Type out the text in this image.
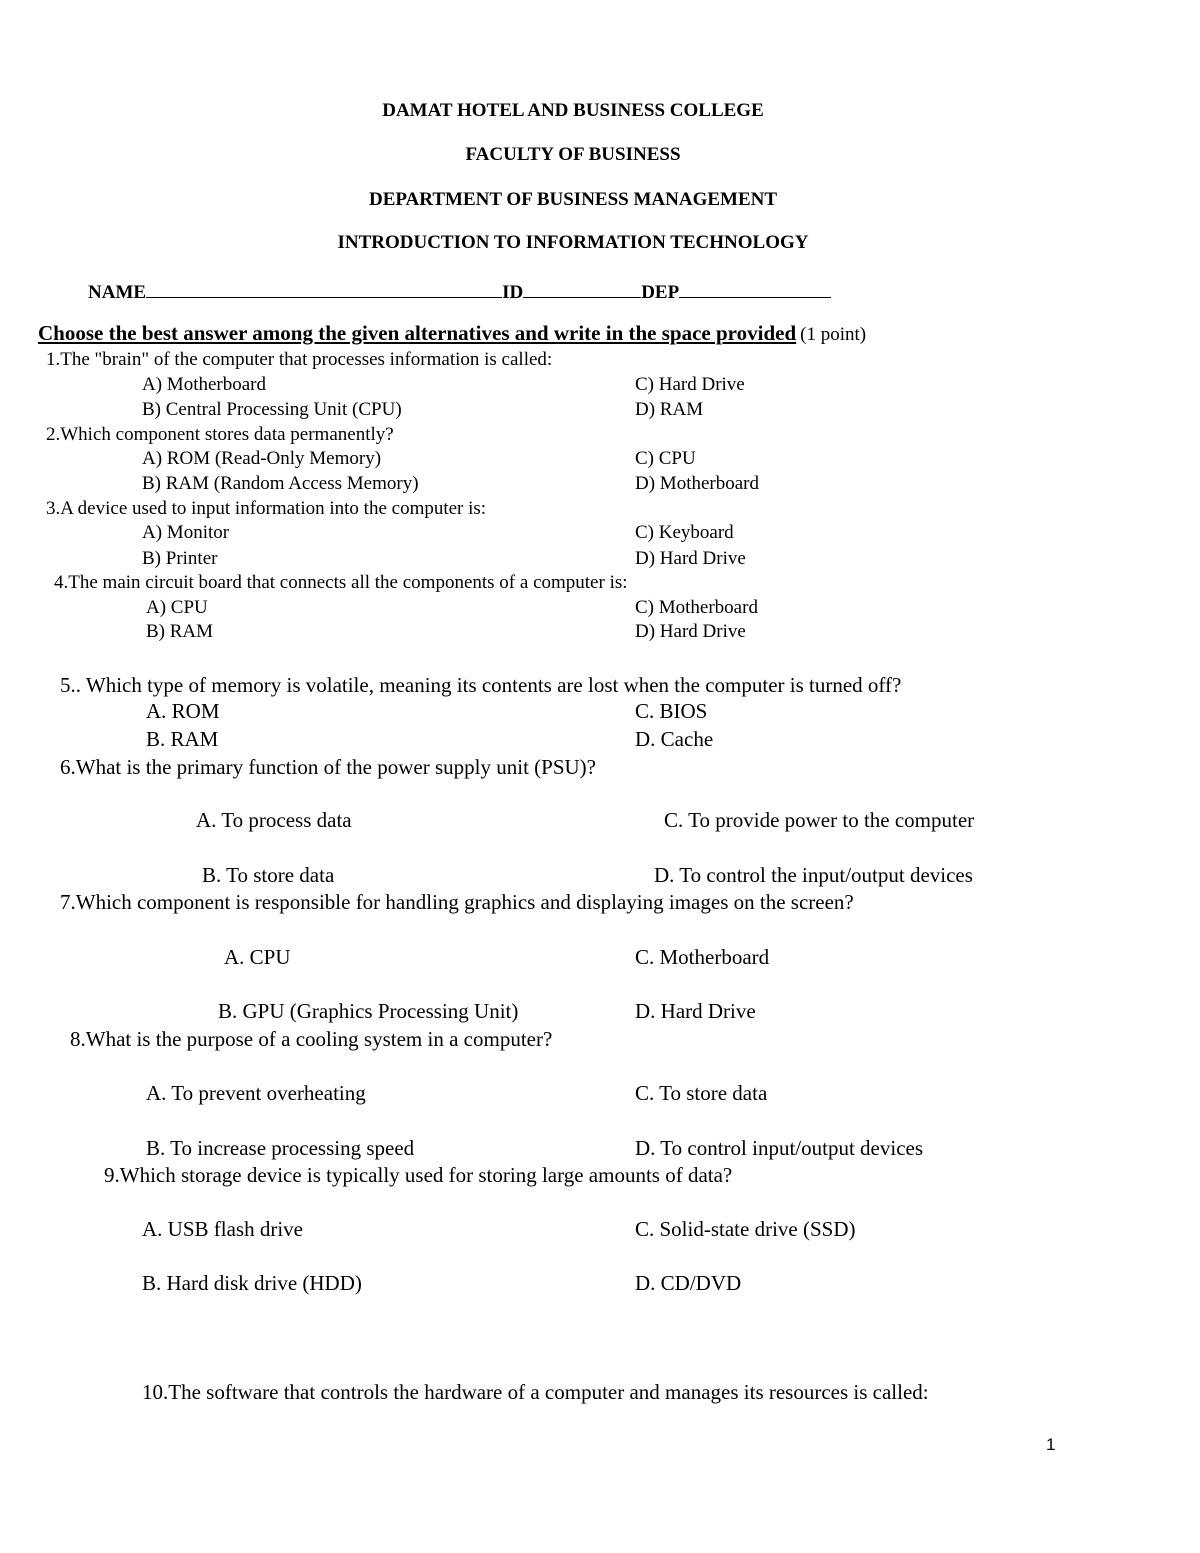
DAMAT HOTEL AND BUSINESS COLLEGE
FACULTY OF BUSINESS
DEPARTMENT OF BUSINESS MANAGEMENT
INTRODUCTION TO INFORMATION TECHNOLOGY
NAME	ID	DEP
Choose the best answer among the given alternatives and write in the space provided (1 point)
1.The "brain" of the computer that processes information is called:
A) Motherboard
B) Central Processing Unit (CPU)
C) Hard Drive
D) RAM
2.Which component stores data permanently?
A) ROM (Read-Only Memory)
B) RAM (Random Access Memory)
C) CPU
D) Motherboard
3.A device used to input information into the computer is:
A) Monitor
B) Printer
C) Keyboard
D) Hard Drive
4.The main circuit board that connects all the components of a computer is:
A) CPU
B) RAM
C) Motherboard
D) Hard Drive
5.. Which type of memory is volatile, meaning its contents are lost when the computer is turned off?
A. ROM
B. RAM
C. BIOS
D. Cache
6.What is the primary function of the power supply unit (PSU)?
A. To process data
B. To store data
C. To provide power to the computer
D. To control the input/output devices
7.Which component is responsible for handling graphics and displaying images on the screen?
A. CPU
B. GPU (Graphics Processing Unit)
C. Motherboard
D. Hard Drive
8.What is the purpose of a cooling system in a computer?
A. To prevent overheating
B. To increase processing speed
C. To store data
D. To control input/output devices
9.Which storage device is typically used for storing large amounts of data?
A. USB flash drive
B. Hard disk drive (HDD)
C. Solid-state drive (SSD)
D. CD/DVD
10.The software that controls the hardware of a computer and manages its resources is called:
1
